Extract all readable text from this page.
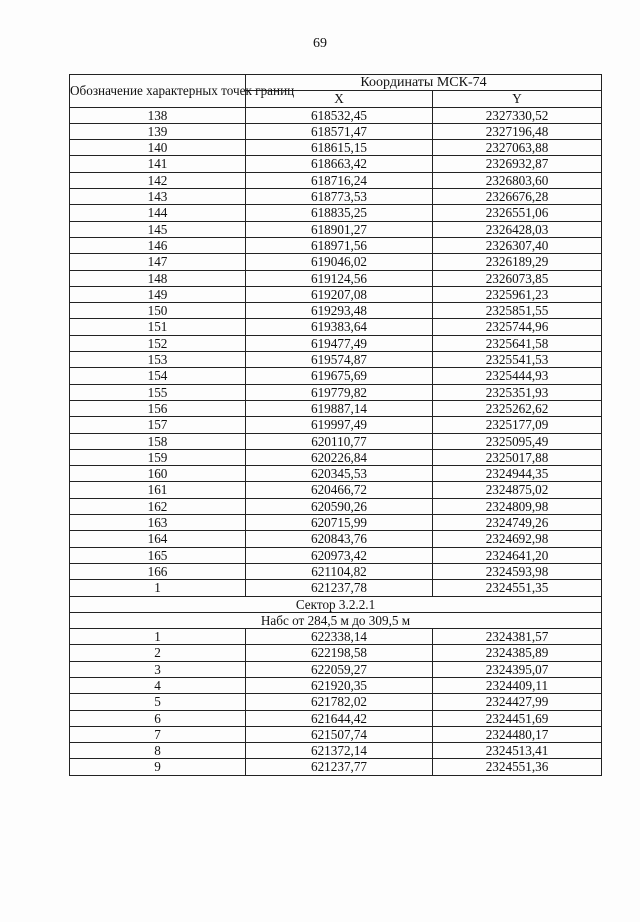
69
Обозначение характерных точек границ	Координаты МСК-74	
	X	Y
138	618532,45	2327330,52
139	618571,47	2327196,48
140	618615,15	2327063,88
141	618663,42	2326932,87
142	618716,24	2326803,60
143	618773,53	2326676,28
144	618835,25	2326551,06
145	618901,27	2326428,03
146	618971,56	2326307,40
147	619046,02	2326189,29
148	619124,56	2326073,85
149	619207,08	2325961,23
150	619293,48	2325851,55
151	619383,64	2325744,96
152	619477,49	2325641,58
153	619574,87	2325541,53
154	619675,69	2325444,93
155	619779,82	2325351,93
156	619887,14	2325262,62
157	619997,49	2325177,09
158	620110,77	2325095,49
159	620226,84	2325017,88
160	620345,53	2324944,35
161	620466,72	2324875,02
162	620590,26	2324809,98
163	620715,99	2324749,26
164	620843,76	2324692,98
165	620973,42	2324641,20
166	621104,82	2324593,98
1	621237,78	2324551,35
Сектор 3.2.2.1		
Набс от 284,5 м до 309,5 м		
1	622338,14	2324381,57
2	622198,58	2324385,89
3	622059,27	2324395,07
4	621920,35	2324409,11
5	621782,02	2324427,99
6	621644,42	2324451,69
7	621507,74	2324480,17
8	621372,14	2324513,41
9	621237,77	2324551,36
